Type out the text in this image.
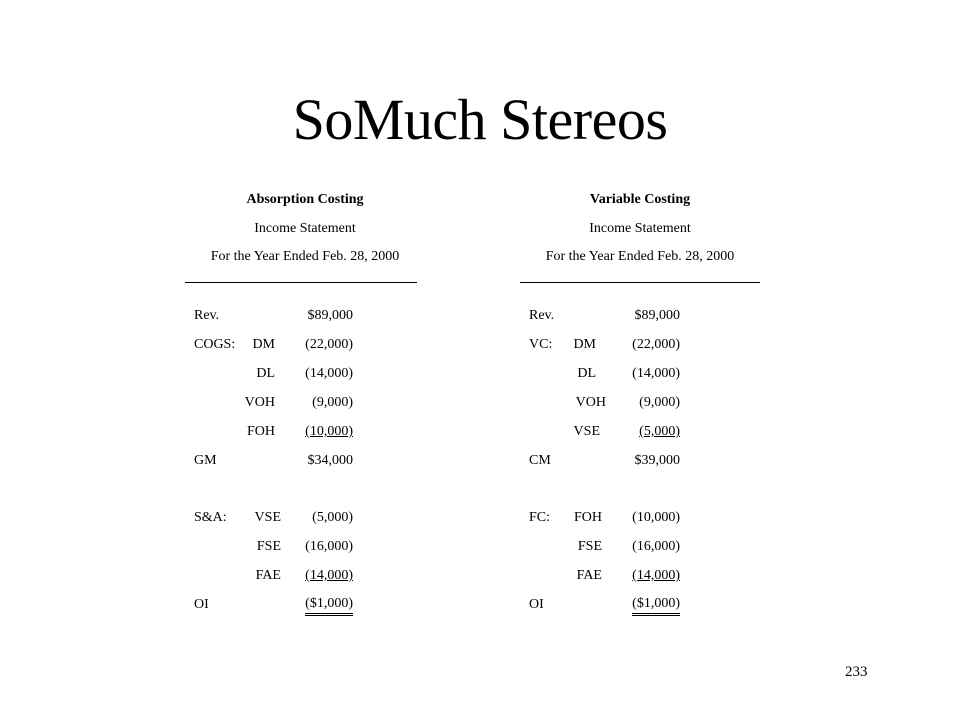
SoMuch Stereos
Absorption Costing
Income Statement
For the Year Ended Feb. 28, 2000
Rev.	$89,000
COGS: DM (22,000)
DL (14,000)
VOH	(9,000)
FOH (10,000)
GM	$34,000
S&A: VSE (5,000)
FSE (16,000)
FAE (14,000)
OI	($1,000)
Variable Costing
Income Statement
For the Year Ended Feb. 28, 2000
Rev.	$89,000
VC: DM	(22,000)
DL	(14,000)
VOH (9,000)
VSE	(5,000)
CM	$39,000
FC: FOH (10,000)
FSE (16,000)
FAE (14,000)
OI	($1,000)
233
